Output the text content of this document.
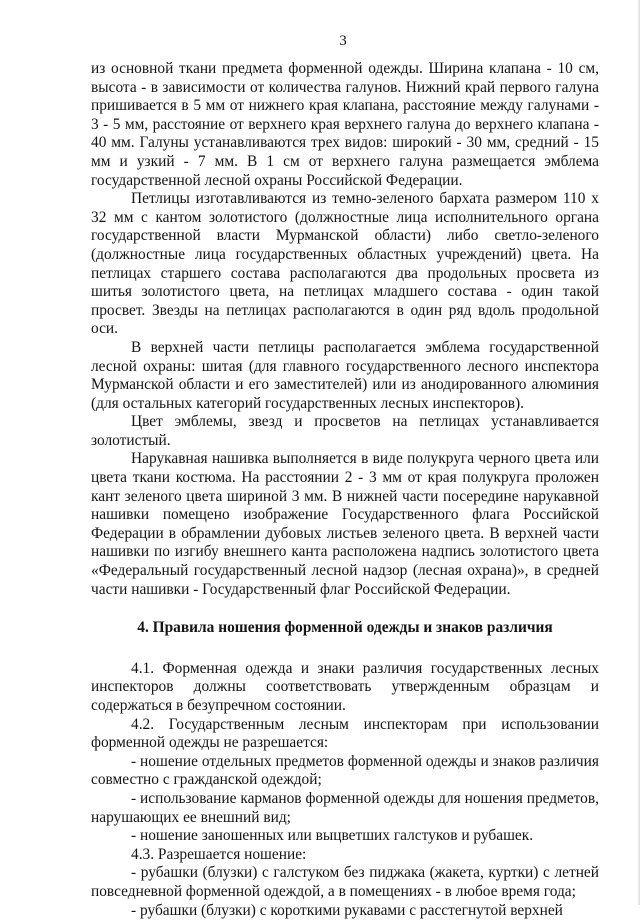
3

из основной ткани предмета форменной одежды. Ширина клапана - 10 см, высота - в зависимости от количества галунов. Нижний край первого галуна пришивается в 5 мм от нижнего края клапана, расстояние между галунами - 3 - 5 мм, расстояние от верхнего края верхнего галуна до верхнего клапана - 40 мм. Галуны устанавливаются трех видов: широкий - 30 мм, средний - 15 мм и узкий - 7 мм. В 1 см от верхнего галуна размещается эмблема государственной лесной охраны Российской Федерации.

Петлицы изготавливаются из темно-зеленого бархата размером 110 х 32 мм с кантом золотистого (должностные лица исполнительного органа государственной власти Мурманской области) либо светло-зеленого (должностные лица государственных областных учреждений) цвета. На петлицах старшего состава располагаются два продольных просвета из шитья золотистого цвета, на петлицах младшего состава - один такой просвет. Звезды на петлицах располагаются в один ряд вдоль продольной оси.

В верхней части петлицы располагается эмблема государственной лесной охраны: шитая (для главного государственного лесного инспектора Мурманской области и его заместителей) или из анодированного алюминия (для остальных категорий государственных лесных инспекторов).

Цвет эмблемы, звезд и просветов на петлицах устанавливается золотистый.

Нарукавная нашивка выполняется в виде полукруга черного цвета или цвета ткани костюма. На расстоянии 2 - 3 мм от края полукруга проложен кант зеленого цвета шириной 3 мм. В нижней части посередине нарукавной нашивки помещено изображение Государственного флага Российской Федерации в обрамлении дубовых листьев зеленого цвета. В верхней части нашивки по изгибу внешнего канта расположена надпись золотистого цвета «Федеральный государственный лесной надзор (лесная охрана)», в средней части нашивки - Государственный флаг Российской Федерации.

4. Правила ношения форменной одежды и знаков различия

4.1. Форменная одежда и знаки различия государственных лесных инспекторов должны соответствовать утвержденным образцам и содержаться в безупречном состоянии.

4.2. Государственным лесным инспекторам при использовании форменной одежды не разрешается:

- ношение отдельных предметов форменной одежды и знаков различия совместно с гражданской одеждой;

- использование карманов форменной одежды для ношения предметов, нарушающих ее внешний вид;

- ношение заношенных или выцветших галстуков и рубашек.

4.3. Разрешается ношение:

- рубашки (блузки) с галстуком без пиджака (жакета, куртки) с летней повседневной форменной одеждой, а в помещениях - в любое время года;

- рубашки (блузки) с короткими рукавами с расстегнутой верхней
